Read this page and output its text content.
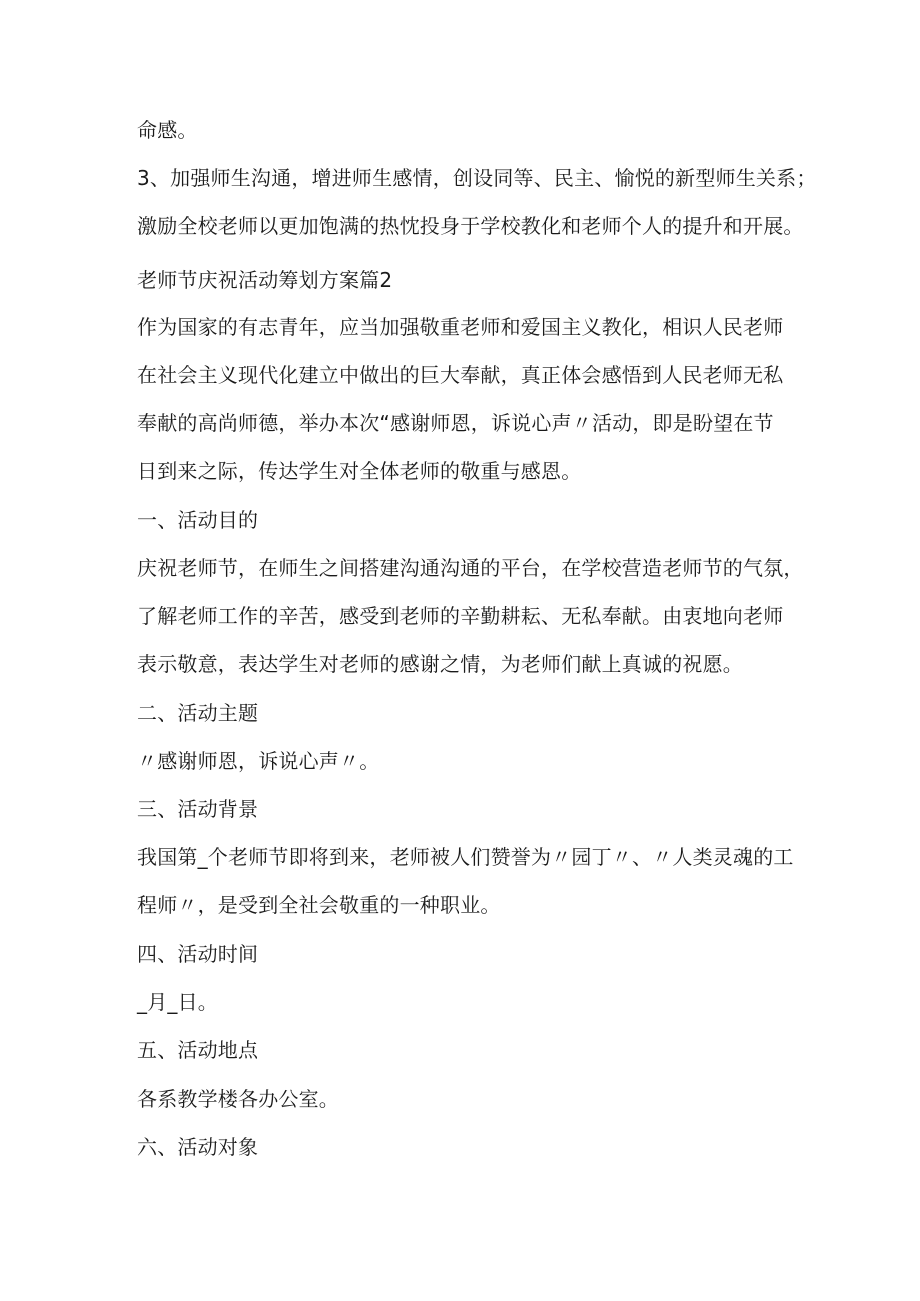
命感。
3、加强师生沟通，增进师生感情，创设同等、民主、愉悦的新型师生关系；
激励全校老师以更加饱满的热忱投身于学校教化和老师个人的提升和开展。
老师节庆祝活动筹划方案篇2
作为国家的有志青年，应当加强敬重老师和爱国主义教化，相识人民老师
在社会主义现代化建立中做出的巨大奉献，真正体会感悟到人民老师无私
奉献的高尚师德，举办本次“感谢师恩，诉说心声〃活动，即是盼望在节
日到来之际，传达学生对全体老师的敬重与感恩。
一、活动目的
庆祝老师节，在师生之间搭建沟通沟通的平台，在学校营造老师节的气氛，
了解老师工作的辛苦，感受到老师的辛勤耕耘、无私奉献。由衷地向老师
表示敬意，表达学生对老师的感谢之情，为老师们献上真诚的祝愿。
二、活动主题
〃感谢师恩，诉说心声〃。
三、活动背景
我国第_个老师节即将到来，老师被人们赞誉为〃园丁〃、〃人类灵魂的工
程师〃，是受到全社会敬重的一种职业。
四、活动时间
_月_日。
五、活动地点
各系教学楼各办公室。
六、活动对象
